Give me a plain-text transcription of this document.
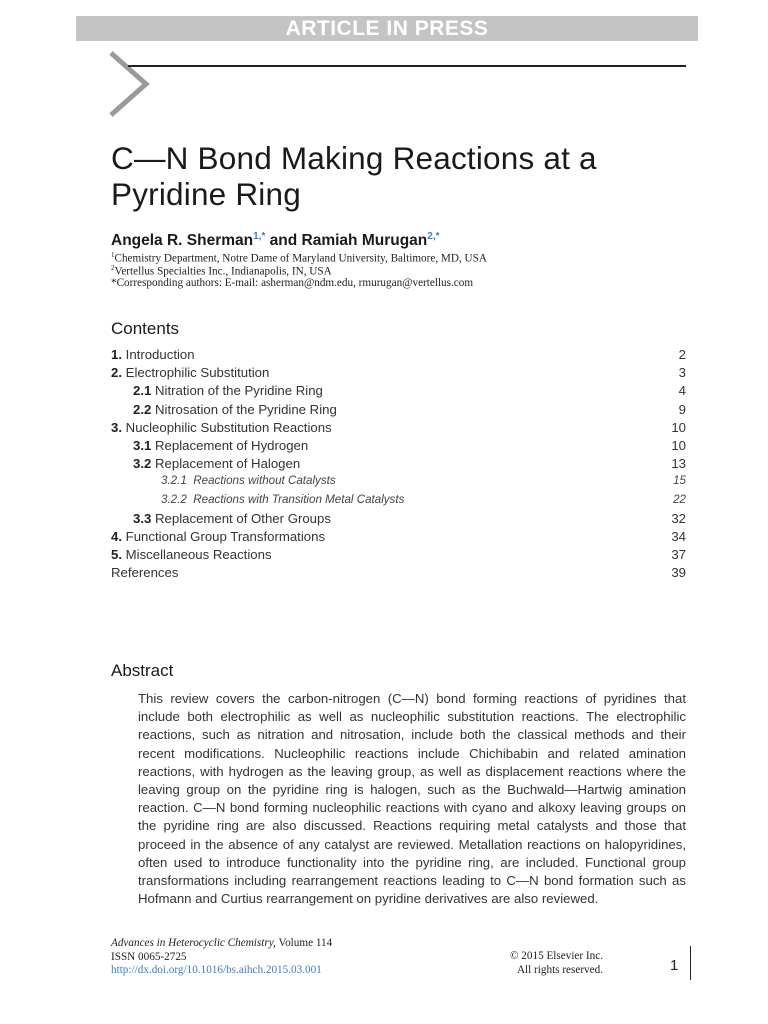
ARTICLE IN PRESS
C—N Bond Making Reactions at a
Pyridine Ring
Angela R. Sherman$^{1,*}$ and Ramiah Murugan$^{2,*}$
$^1$Chemistry Department, Notre Dame of Maryland University, Baltimore, MD, USA
$^2$Vertellus Specialties Inc., Indianapolis, IN, USA
*Corresponding authors: E-mail: asherman@ndm.edu, rmurugan@vertellus.com
Contents
1. Introduction	2
2. Electrophilic Substitution	3
2.1 Nitration of the Pyridine Ring	4
2.2 Nitrosation of the Pyridine Ring	9
3. Nucleophilic Substitution Reactions	10
3.1 Replacement of Hydrogen	10
3.2 Replacement of Halogen	13
3.2.1 Reactions without Catalysts	15
3.2.2 Reactions with Transition Metal Catalysts	22
3.3 Replacement of Other Groups	32
4. Functional Group Transformations	34
5. Miscellaneous Reactions	37
References	39
Abstract
This review covers the carbon-nitrogen (C—N) bond forming reactions of pyridines that include both electrophilic as well as nucleophilic substitution reactions. The electrophilic reactions, such as nitration and nitrosation, include both the classical methods and their recent modifications. Nucleophilic reactions include Chichibabin and related amination reactions, with hydrogen as the leaving group, as well as displacement reactions where the leaving group on the pyridine ring is halogen, such as the Buchwald—Hartwig amination reaction. C—N bond forming nucleophilic reactions with cyano and alkoxy leaving groups on the pyridine ring are also discussed. Reactions requiring metal catalysts and those that proceed in the absence of any catalyst are reviewed. Metallation reactions on halopyridines, often used to introduce functionality into the pyridine ring, are included. Functional group transformations including rearrangement reactions leading to C—N bond formation such as Hofmann and Curtius rearrangement on pyridine derivatives are also reviewed.
Advances in Heterocyclic Chemistry, Volume 114
ISSN 0065-2725
http://dx.doi.org/10.1016/bs.aihch.2015.03.001
© 2015 Elsevier Inc.
All rights reserved.	1
